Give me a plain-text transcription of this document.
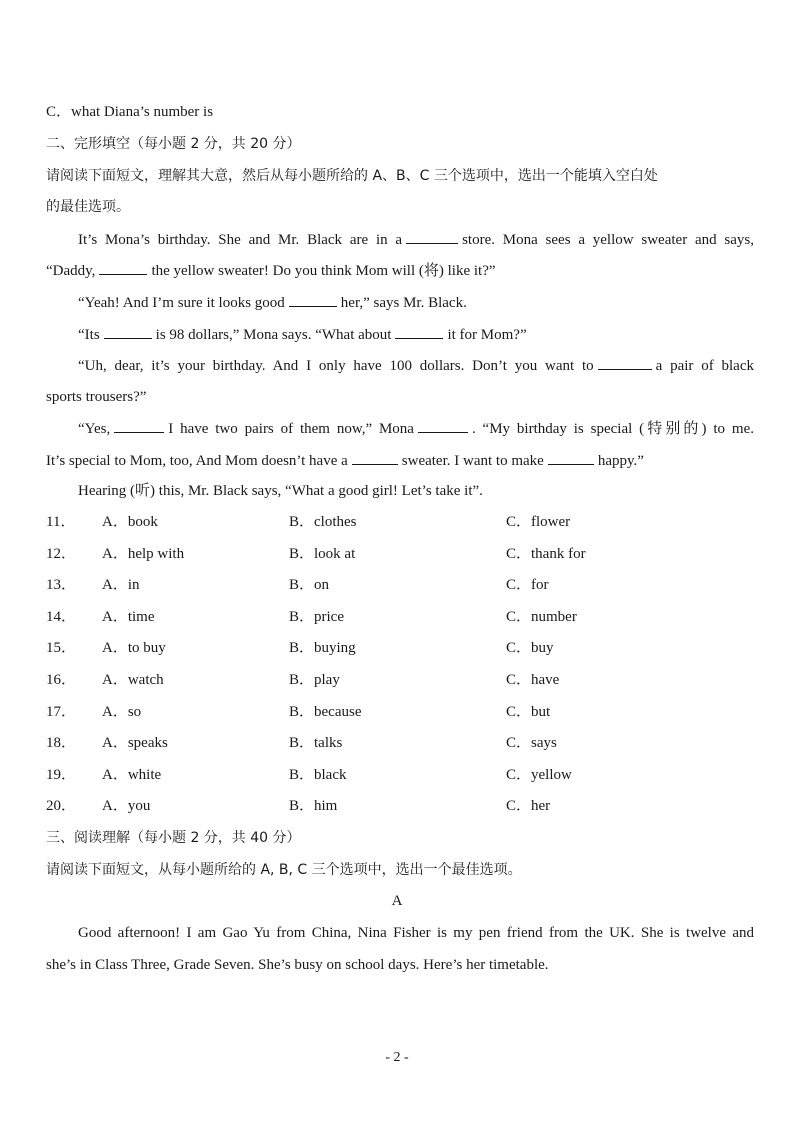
C．what Diana’s number is
二、完形填空（每小题 2 分，共 20 分）
请阅读下面短文，理解其大意，然后从每小题所给的 A、B、C 三个选项中，选出一个能填入空白处
的最佳选项。
It’s Mona’s birthday. She and Mr. Black are in a	store. Mona sees a yellow sweater and says,
“Daddy,	the yellow sweater! Do you think Mom will (将) like it?”
“Yeah! And I’m sure it looks good	her,” says Mr. Black.
“Its	is 98 dollars,” Mona says. “What about	it for Mom?”
“Uh, dear, it’s your birthday. And I only have 100 dollars. Don’t you want to	a pair of black
sports trousers?”
“Yes,	I have two pairs of them now,” Mona	. “My birthday is special (特别的) to me.
It’s special to Mom, too, And Mom doesn’t have a	sweater. I want to make	happy.”
Hearing (听) this, Mr. Black says, “What a good girl! Let’s take it”.
11． A．book	B．clothes	C．flower
12． A．help with	B．look at	C．thank for
13． A．in	B．on	C．for
14． A．time	B．price	C．number
15． A．to buy	B．buying	C．buy
16． A．watch	B．play	C．have
17． A．so	B．because	C．but
18． A．speaks	B．talks	C．says
19． A．white	B．black	C．yellow
20． A．you	B．him	C．her
三、阅读理解（每小题 2 分，共 40 分）
请阅读下面短文，从每小题所给的 A, B, C 三个选项中，选出一个最佳选项。
A
Good afternoon! I am Gao Yu from China, Nina Fisher is my pen friend from the UK. She is twelve and
she’s in Class Three, Grade Seven. She’s busy on school days. Here’s her timetable.
- 2 -
